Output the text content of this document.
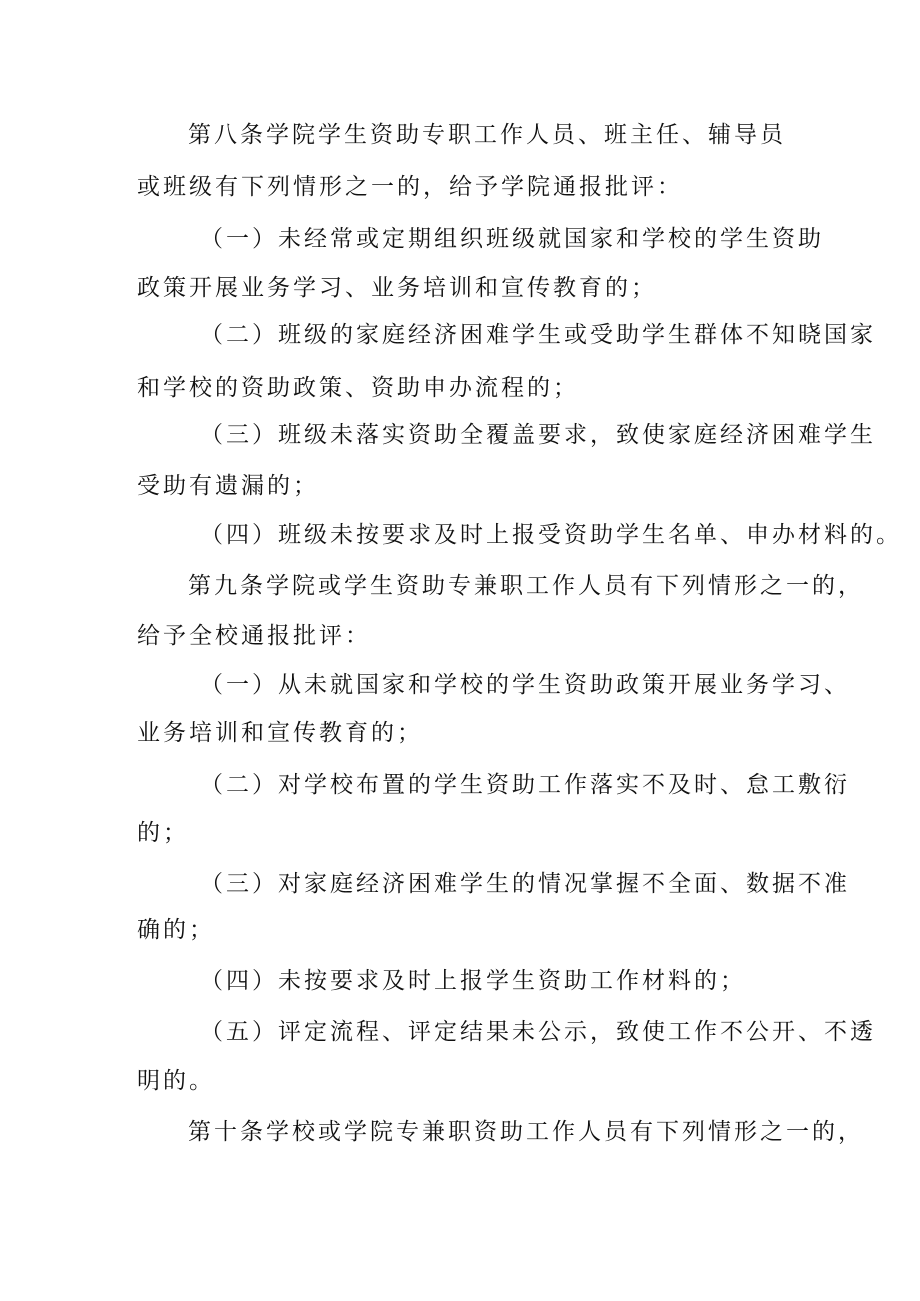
第八条学院学生资助专职工作人员、班主任、辅导员
或班级有下列情形之一的，给予学院通报批评：
（一）未经常或定期组织班级就国家和学校的学生资助
政策开展业务学习、业务培训和宣传教育的；
（二）班级的家庭经济困难学生或受助学生群体不知晓国家
和学校的资助政策、资助申办流程的；
（三）班级未落实资助全覆盖要求，致使家庭经济困难学生
受助有遗漏的；
（四）班级未按要求及时上报受资助学生名单、申办材料的。
第九条学院或学生资助专兼职工作人员有下列情形之一的，
给予全校通报批评：
（一）从未就国家和学校的学生资助政策开展业务学习、
业务培训和宣传教育的；
（二）对学校布置的学生资助工作落实不及时、怠工敷衍
的；
（三）对家庭经济困难学生的情况掌握不全面、数据不准
确的；
（四）未按要求及时上报学生资助工作材料的；
（五）评定流程、评定结果未公示，致使工作不公开、不透
明的。
第十条学校或学院专兼职资助工作人员有下列情形之一的，
